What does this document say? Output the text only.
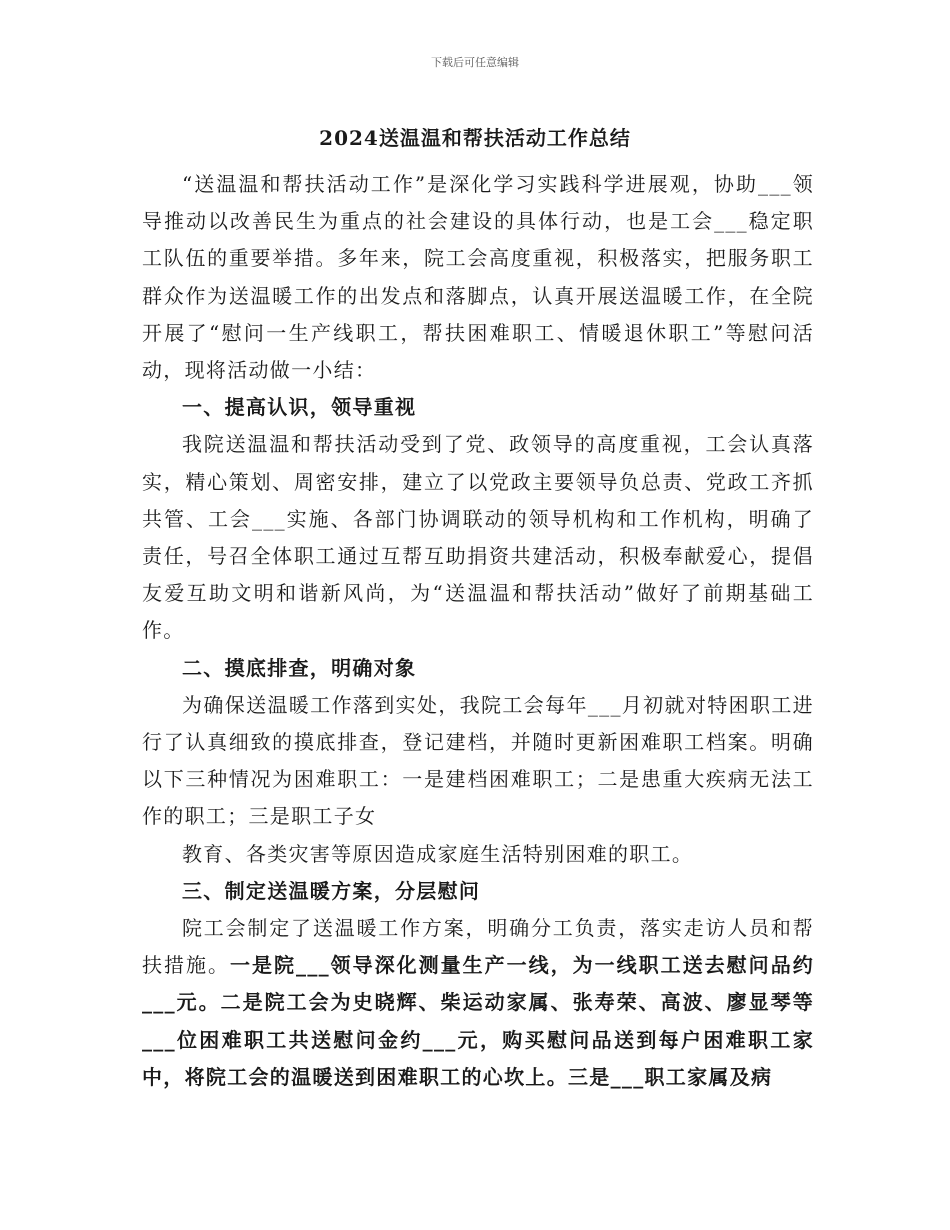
下载后可任意编辑
2024送温温和帮扶活动工作总结

“送温温和帮扶活动工作”是深化学习实践科学进展观，协助___领导推动以改善民生为重点的社会建设的具体行动，也是工会___稳定职工队伍的重要举措。多年来，院工会高度重视，积极落实，把服务职工群众作为送温暖工作的出发点和落脚点，认真开展送温暖工作，在全院开展了“慰问一生产线职工，帮扶困难职工、情暖退休职工”等慰问活动，现将活动做一小结：

一、提高认识，领导重视

我院送温温和帮扶活动受到了党、政领导的高度重视，工会认真落实，精心策划、周密安排，建立了以党政主要领导负总责、党政工齐抓共管、工会___实施、各部门协调联动的领导机构和工作机构，明确了责任，号召全体职工通过互帮互助捐资共建活动，积极奉献爱心，提倡友爱互助文明和谐新风尚，为“送温温和帮扶活动”做好了前期基础工作。

二、摸底排查，明确对象

为确保送温暖工作落到实处，我院工会每年___月初就对特困职工进行了认真细致的摸底排查，登记建档，并随时更新困难职工档案。明确以下三种情况为困难职工：一是建档困难职工；二是患重大疾病无法工作的职工；三是职工子女

教育、各类灾害等原因造成家庭生活特别困难的职工。

三、制定送温暖方案，分层慰问

院工会制定了送温暖工作方案，明确分工负责，落实走访人员和帮扶措施。一是院___领导深化测量生产一线，为一线职工送去慰问品约___元。二是院工会为史晓辉、柴运动家属、张寿荣、高波、廖显琴等___位困难职工共送慰问金约___元，购买慰问品送到每户困难职工家中，将院工会的温暖送到困难职工的心坎上。三是___职工家属及病
